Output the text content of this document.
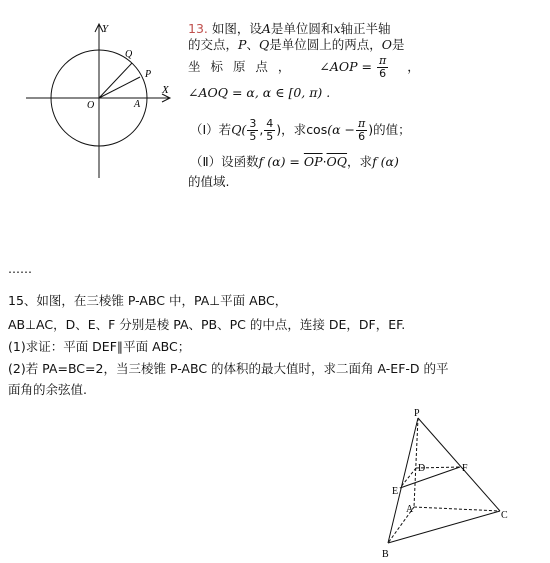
Y
X
O	A
P
Q
13. 如图，设A是单位圆和x轴正半轴
的交点，P、Q是单位圆上的两点，O是
坐 标 原 点 ， ∠AOP = $\frac{\pi}{6}$ ，
∠AOQ = α, α ∈ [0, π) .
（Ⅰ）若$Q( \frac{3}{5}$ , $\frac{4}{5}$ )，求$\cos(\alpha - \frac{\pi}{6}$ )的值；
（Ⅱ）设函数f $(\alpha) = \overline{OP}\cdot\overline{OQ}$，求f (α)
的值域.
……
15、如图，在三棱锥 P-ABC 中，PA⊥平面 ABC，
AB⊥AC，D、E、F 分别是棱 PA、PB、PC 的中点，连接 DE，DF，EF.
(1)求证：平面 DEF∥平面 ABC；
(2)若 PA=BC=2，当三棱锥 P-ABC 的体积的最大值时，求二面角 A-EF-D 的平
面角的余弦值.
P
D	F
E
A
C
B
